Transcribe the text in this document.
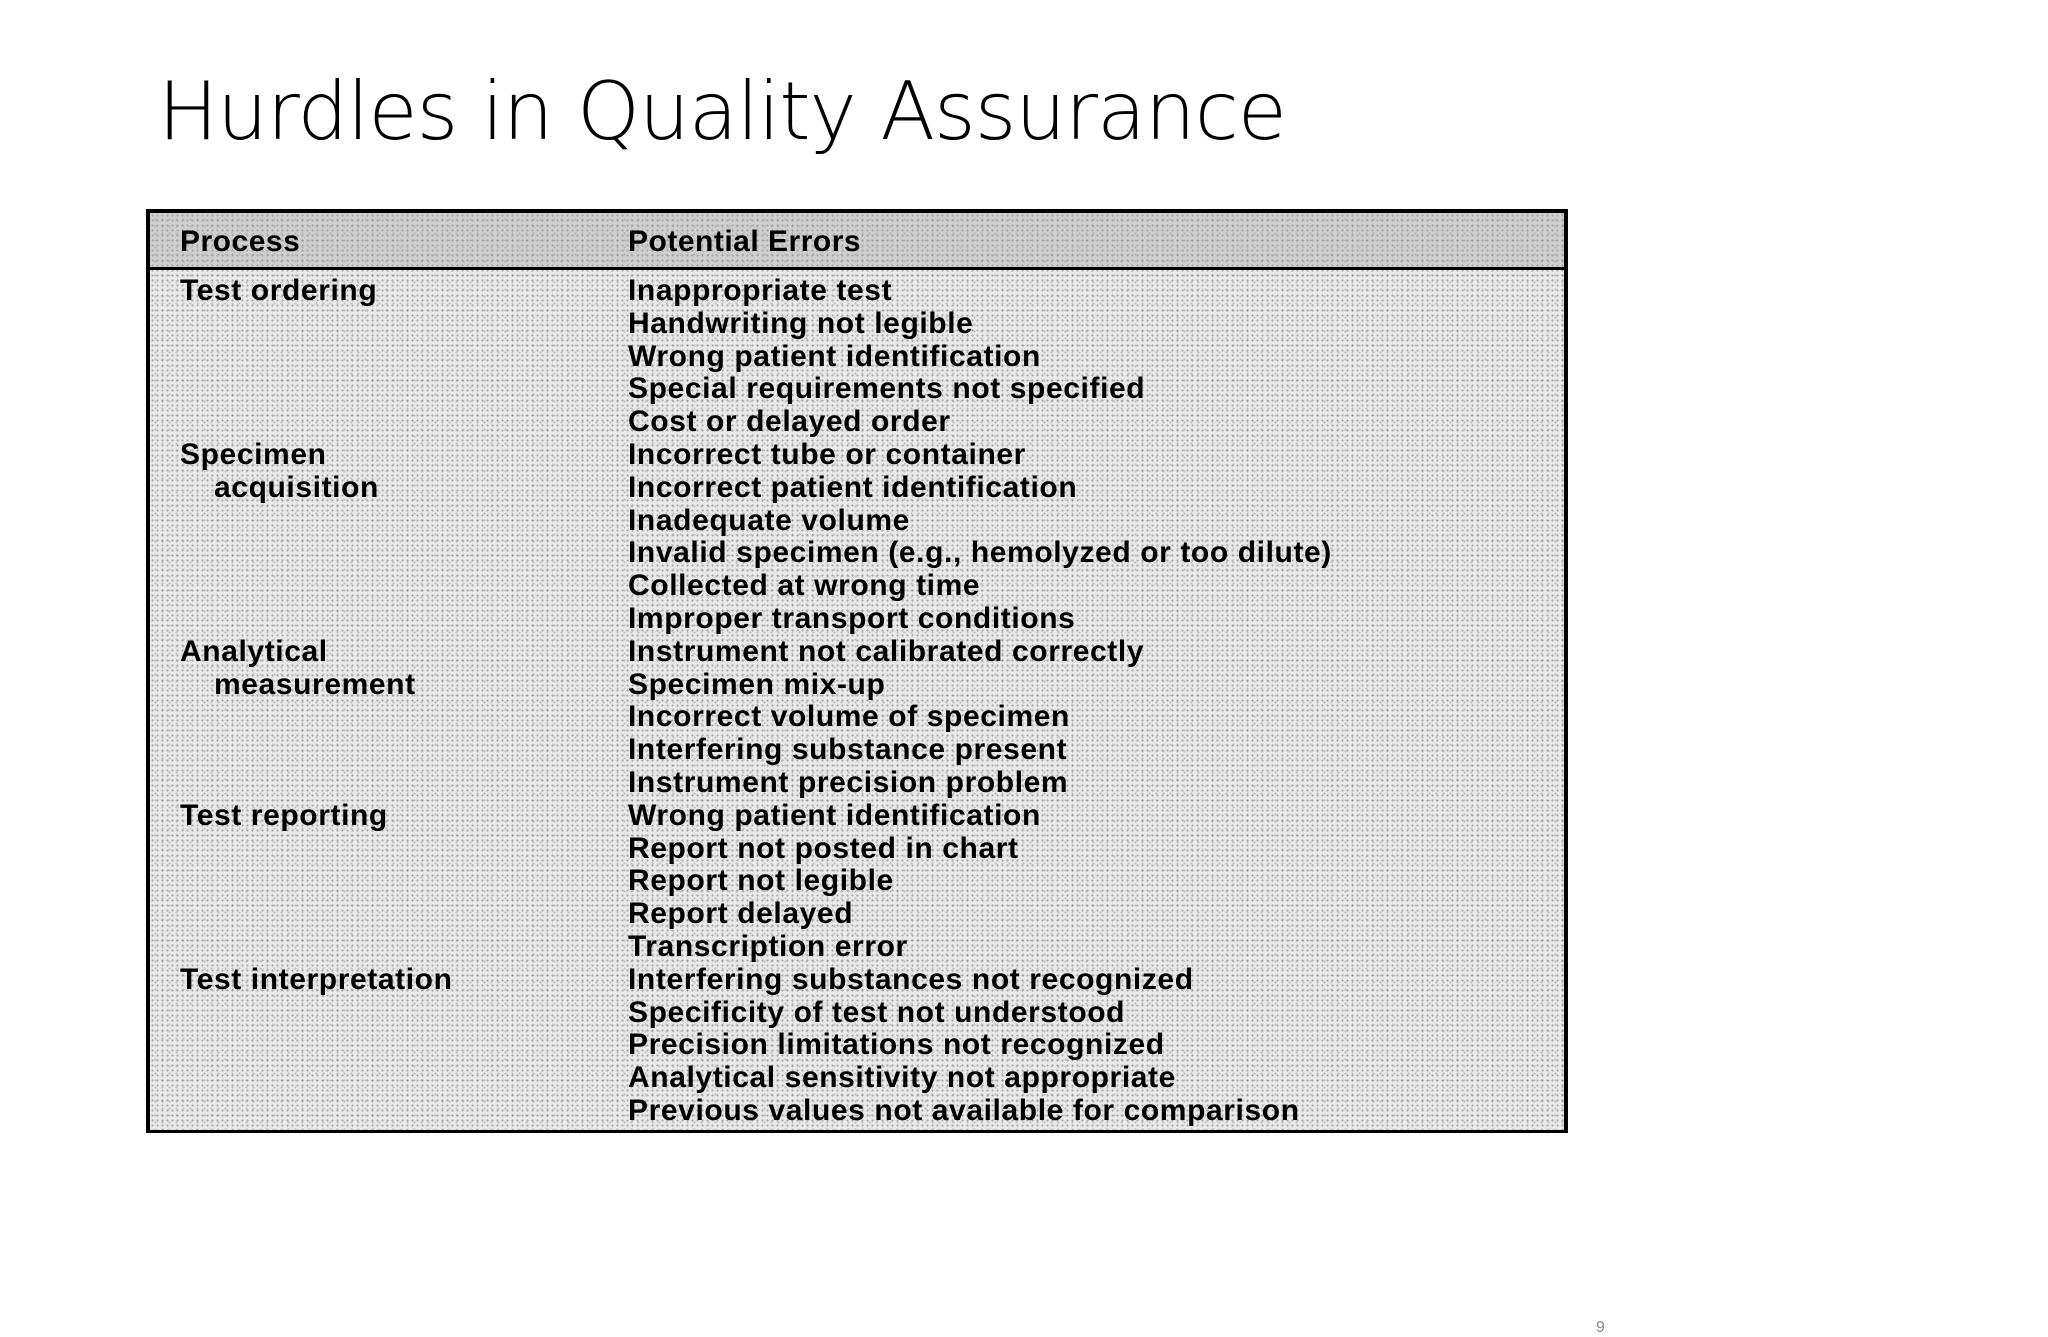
Hurdles in Quality Assurance
Process	Potential Errors
Inappropriate test
Handwriting not legible
Wrong patient identification
Special requirements not specified
Cost or delayed order
Incorrect tube or container
Incorrect patient identification
Inadequate volume
Invalid specimen (e.g., hemolyzed or too dilute)
Collected at wrong time
Improper transport conditions
Instrument not calibrated correctly
Specimen mix-up
Incorrect volume of specimen
Interfering substance present
Instrument precision problem
Wrong patient identification
Report not posted in chart
Report not legible
Report delayed
Transcription error
Interfering substances not recognized
Specificity of test not understood
Precision limitations not recognized
Analytical sensitivity not appropriate
Previous values not available for comparison
Test ordering
Specimen
acquisition
Analytical
measurement
Test reporting
Test interpretation
9
